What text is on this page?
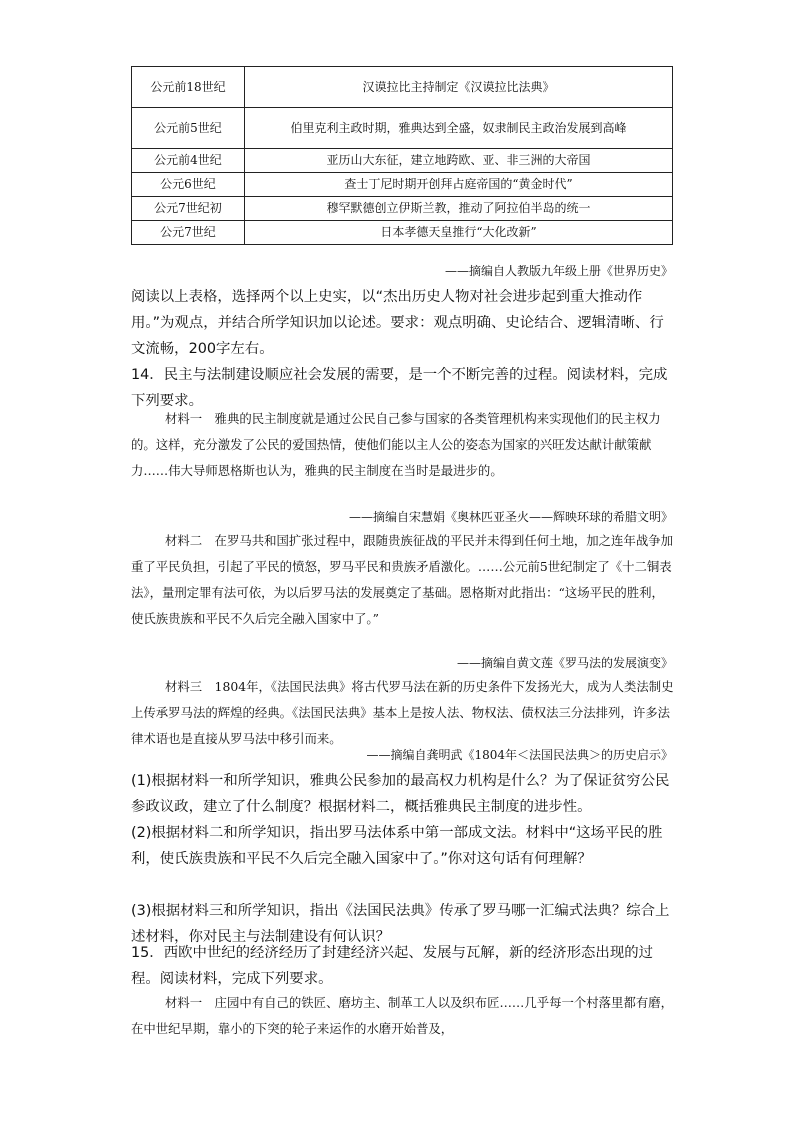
公元前18世纪	汉谟拉比主持制定《汉谟拉比法典》
公元前5世纪	伯里克利主政时期，雅典达到全盛，奴隶制民主政治发展到高峰
公元前4世纪	亚历山大东征，建立地跨欧、亚、非三洲的大帝国
公元6世纪	查士丁尼时期开创拜占庭帝国的“黄金时代”
公元7世纪初	穆罕默德创立伊斯兰教，推动了阿拉伯半岛的统一
公元7世纪	日本孝德天皇推行“大化改新”
——摘编自人教版九年级上册《世界历史》
阅读以上表格，选择两个以上史实，以“杰出历史人物对社会进步起到重大推动作用。”为观点，并结合所学知识加以论述。要求：观点明确、史论结合、逻辑清晰、行文流畅，200字左右。
14．民主与法制建设顺应社会发展的需要，是一个不断完善的过程。阅读材料，完成下列要求。
材料一　雅典的民主制度就是通过公民自己参与国家的各类管理机构来实现他们的民主权力的。这样，充分激发了公民的爱国热情，使他们能以主人公的姿态为国家的兴旺发达献计献策献力……伟大导师恩格斯也认为，雅典的民主制度在当时是最进步的。
——摘编自宋慧娟《奥林匹亚圣火——辉映环球的希腊文明》
材料二　在罗马共和国扩张过程中，跟随贵族征战的平民并未得到任何土地，加之连年战争加重了平民负担，引起了平民的愤怒，罗马平民和贵族矛盾激化。……公元前5世纪制定了《十二铜表法》，量刑定罪有法可依，为以后罗马法的发展奠定了基础。恩格斯对此指出：“这场平民的胜利，使氏族贵族和平民不久后完全融入国家中了。”
——摘编自黄文莲《罗马法的发展演变》
材料三　1804年，《法国民法典》将古代罗马法在新的历史条件下发扬光大，成为人类法制史上传承罗马法的辉煌的经典。《法国民法典》基本上是按人法、物权法、债权法三分法排列，许多法律术语也是直接从罗马法中移引而来。
——摘编自龚明武《1804年＜法国民法典＞的历史启示》
(1)根据材料一和所学知识，雅典公民参加的最高权力机构是什么？为了保证贫穷公民参政议政，建立了什么制度？根据材料二，概括雅典民主制度的进步性。
(2)根据材料二和所学知识，指出罗马法体系中第一部成文法。材料中“这场平民的胜利，使氏族贵族和平民不久后完全融入国家中了。”你对这句话有何理解？
(3)根据材料三和所学知识，指出《法国民法典》传承了罗马哪一汇编式法典？综合上述材料，你对民主与法制建设有何认识？
15．西欧中世纪的经济经历了封建经济兴起、发展与瓦解，新的经济形态出现的过程。阅读材料，完成下列要求。
材料一　庄园中有自己的铁匠、磨坊主、制革工人以及织布匠……几乎每一个村落里都有磨，在中世纪早期，靠小的下突的轮子来运作的水磨开始普及，
